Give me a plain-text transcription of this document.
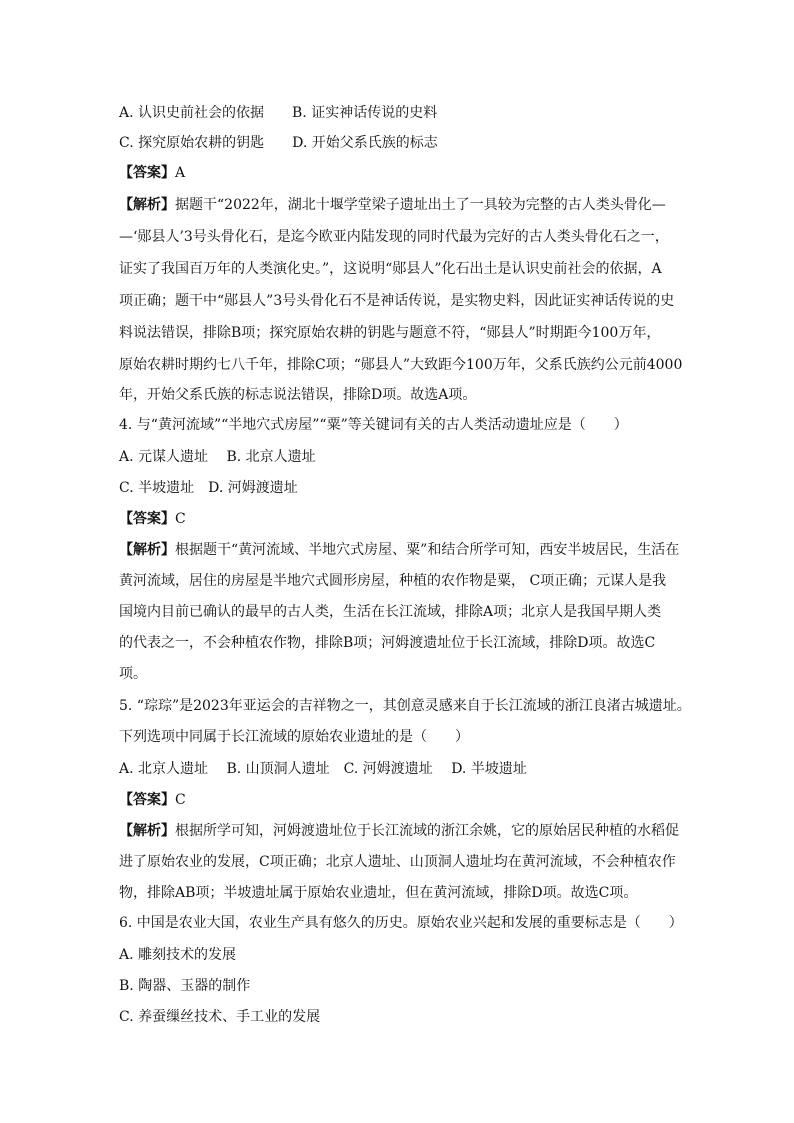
A. 认识史前社会的依据　　B. 证实神话传说的史料
C. 探究原始农耕的钥匙　　D. 开始父系氏族的标志
【答案】A
【解析】据题干“2022年，湖北十堰学堂梁子遗址出土了一具较为完整的古人类头骨化—
—‘郧县人’3号头骨化石，是迄今欧亚内陆发现的同时代最为完好的古人类头骨化石之一，
证实了我国百万年的人类演化史。”，这说明“郧县人”化石出土是认识史前社会的依据，A
项正确；题干中“郧县人”3号头骨化石不是神话传说，是实物史料，因此证实神话传说的史
料说法错误，排除B项；探究原始农耕的钥匙与题意不符，“郧县人”时期距今100万年，
原始农耕时期约七八千年，排除C项；“郧县人”大致距今100万年，父系氏族约公元前4000
年，开始父系氏族的标志说法错误，排除D项。故选A项。
4. 与“黄河流域”“半地穴式房屋”“粟”等关键词有关的古人类活动遗址应是（　　）
A. 元谋人遗址　 B. 北京人遗址
C. 半坡遗址　D. 河姆渡遗址
【答案】C
【解析】根据题干“黄河流域、半地穴式房屋、粟”和结合所学可知，西安半坡居民，生活在
黄河流域，居住的房屋是半地穴式圆形房屋，种植的农作物是粟， C项正确；元谋人是我
国境内目前已确认的最早的古人类，生活在长江流域，排除A项；北京人是我国早期人类
的代表之一，不会种植农作物，排除B项；河姆渡遗址位于长江流域，排除D项。故选C
项。
5. “琮琮”是2023年亚运会的吉祥物之一，其创意灵感来自于长江流域的浙江良渚古城遗址。
下列选项中同属于长江流域的原始农业遗址的是（　　）
A. 北京人遗址　 B. 山顶洞人遗址　C. 河姆渡遗址　 D. 半坡遗址
【答案】C
【解析】根据所学可知，河姆渡遗址位于长江流域的浙江余姚，它的原始居民种植的水稻促
进了原始农业的发展，C项正确；北京人遗址、山顶洞人遗址均在黄河流域，不会种植农作
物，排除AB项；半坡遗址属于原始农业遗址，但在黄河流域，排除D项。故选C项。
6. 中国是农业大国，农业生产具有悠久的历史。原始农业兴起和发展的重要标志是（　　）
A. 雕刻技术的发展
B. 陶器、玉器的制作
C. 养蚕缫丝技术、手工业的发展
